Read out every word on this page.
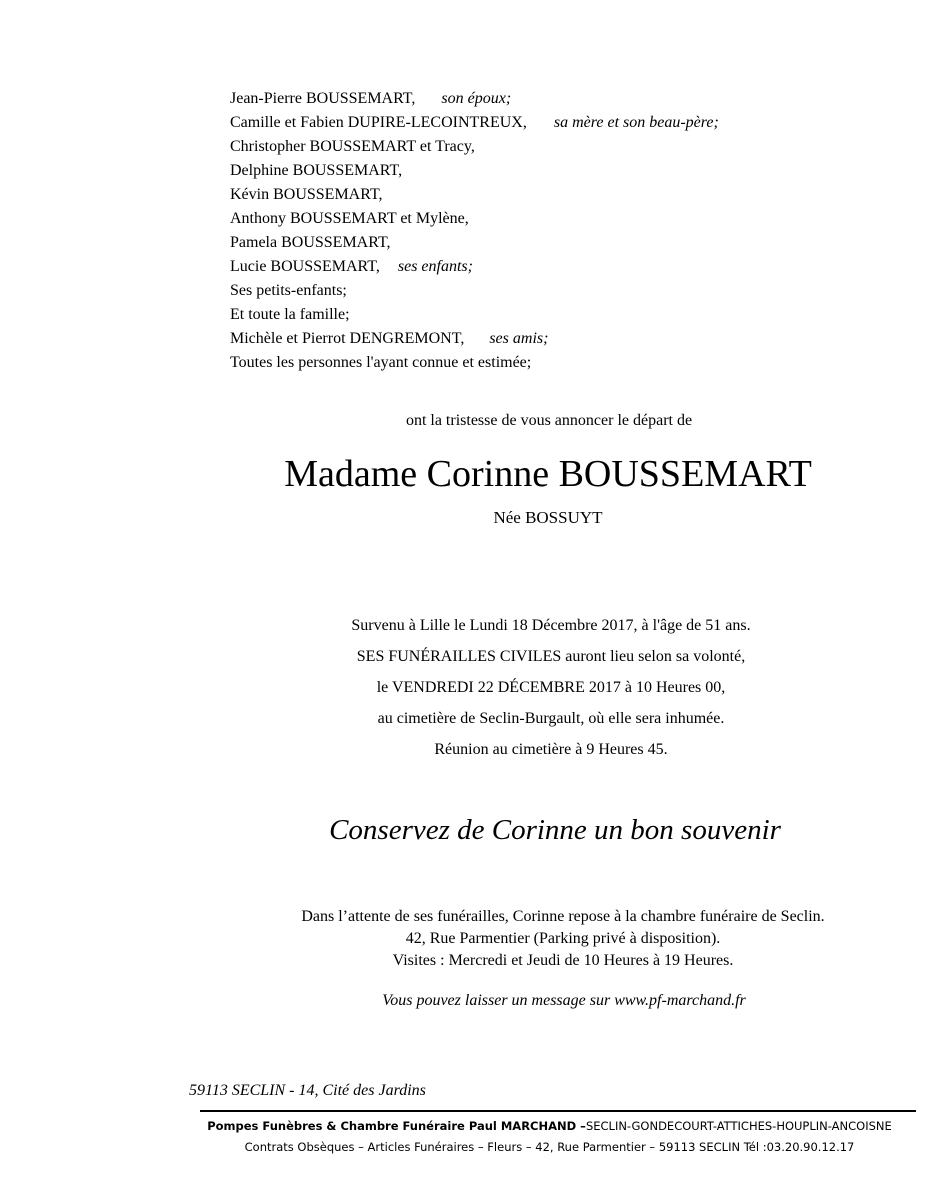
Jean-Pierre BOUSSEMART, son époux;
Camille et Fabien DUPIRE-LECOINTREUX, sa mère et son beau-père;
Christopher BOUSSEMART et Tracy,
Delphine BOUSSEMART,
Kévin BOUSSEMART,
Anthony BOUSSEMART et Mylène,
Pamela BOUSSEMART,
Lucie BOUSSEMART, ses enfants;
Ses petits-enfants;
Et toute la famille;
Michèle et Pierrot DENGREMONT, ses amis;
Toutes les personnes l'ayant connue et estimée;
ont la tristesse de vous annoncer le départ de
Madame Corinne BOUSSEMART
Née BOSSUYT
Survenu à Lille le Lundi 18 Décembre 2017, à l'âge de 51 ans.
SES FUNÉRAILLES CIVILES auront lieu selon sa volonté,
le VENDREDI 22 DÉCEMBRE 2017 à 10 Heures 00,
au cimetière de Seclin-Burgault, où elle sera inhumée.
Réunion au cimetière à 9 Heures 45.
Conservez de Corinne un bon souvenir
Dans l’attente de ses funérailles, Corinne repose à la chambre funéraire de Seclin.
42, Rue Parmentier (Parking privé à disposition).
Visites : Mercredi et Jeudi de 10 Heures à 19 Heures.
Vous pouvez laisser un message sur www.pf-marchand.fr
59113 SECLIN - 14, Cité des Jardins
Pompes Funèbres & Chambre Funéraire Paul MARCHAND –SECLIN-GONDECOURT-ATTICHES-HOUPLIN-ANCOISNE
Contrats Obsèques – Articles Funéraires – Fleurs – 42, Rue Parmentier – 59113 SECLIN Tél :03.20.90.12.17
